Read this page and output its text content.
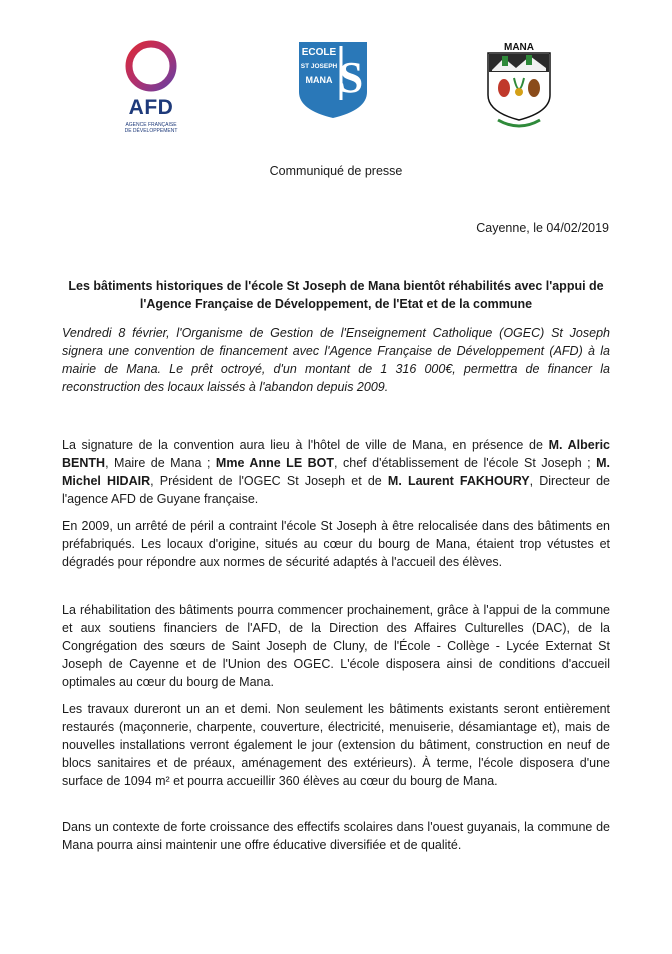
AFD
AGENCE FRANÇAISE
DE DÉVELOPPEMENT
ECOLE
ST JOSEPH
MANA S
MANA
Communiqué de presse
Cayenne, le 04/02/2019
Les bâtiments historiques de l'école St Joseph de Mana bientôt réhabilités avec l'appui de
l'Agence Française de Développement, de l'Etat et de la commune

Vendredi 8 février, l'Organisme de Gestion de l'Enseignement Catholique (OGEC) St Joseph signera une convention de financement avec l'Agence Française de Développement (AFD) à la mairie de Mana. Le prêt octroyé, d'un montant de 1 316 000€, permettra de financer la reconstruction des locaux laissés à l'abandon depuis 2009.

La signature de la convention aura lieu à l'hôtel de ville de Mana, en présence de M. Alberic BENTH, Maire de Mana ; Mme Anne LE BOT, chef d'établissement de l'école St Joseph ; M. Michel HIDAIR, Président de l'OGEC St Joseph et de M. Laurent FAKHOURY, Directeur de l'agence AFD de Guyane française.

En 2009, un arrêté de péril a contraint l'école St Joseph à être relocalisée dans des bâtiments en préfabriqués. Les locaux d'origine, situés au cœur du bourg de Mana, étaient trop vétustes et dégradés pour répondre aux normes de sécurité adaptés à l'accueil des élèves.

La réhabilitation des bâtiments pourra commencer prochainement, grâce à l'appui de la commune et aux soutiens financiers de l'AFD, de la Direction des Affaires Culturelles (DAC), de la Congrégation des sœurs de Saint Joseph de Cluny, de l'École - Collège - Lycée Externat St Joseph de Cayenne et de l'Union des OGEC. L'école disposera ainsi de conditions d'accueil optimales au cœur du bourg de Mana.

Les travaux dureront un an et demi. Non seulement les bâtiments existants seront entièrement restaurés (maçonnerie, charpente, couverture, électricité, menuiserie, désamiantage et), mais de nouvelles installations verront également le jour (extension du bâtiment, construction en neuf de blocs sanitaires et de préaux, aménagement des extérieurs). À terme, l'école disposera d'une surface de 1094 m² et pourra accueillir 360 élèves au cœur du bourg de Mana.

Dans un contexte de forte croissance des effectifs scolaires dans l'ouest guyanais, la commune de Mana pourra ainsi maintenir une offre éducative diversifiée et de qualité.
